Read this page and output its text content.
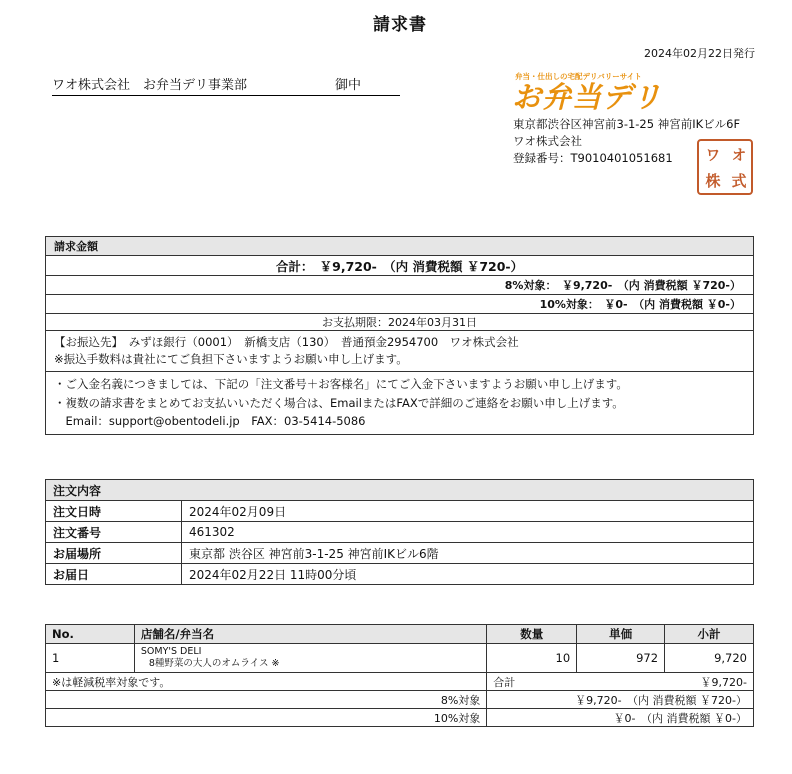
請求書
2024年02月22日発行
ワオ株式会社　お弁当デリ事業部	御中
弁当・仕出しの宅配デリバリーサイト
お弁当デリ
東京都渋谷区神宮前3-1-25 神宮前IKビル6F
ワオ株式会社
登録番号：T9010401051681	ワ オ
株 式
請求金額
合計：　￥9,720-　（内 消費税額 ￥720-）
8%対象：　￥9,720-　（内 消費税額 ￥720-）
10%対象：　￥0-　（内 消費税額 ￥0-）
お支払期限：2024年03月31日

【お振込先】　みずほ銀行（0001）　新橋支店（130）　普通預金2954700　ワオ株式会社
※振込手数料は貴社にてご負担下さいますようお願い申し上げます。

・ご入金名義につきましては、下記の「注文番号＋お客様名」にてご入金下さいますようお願い申し上げます。
・複数の請求書をまとめてお支払いいただく場合は、EmailまたはFAXで詳細のご連絡をお願い申し上げます。
　Email：support@obentodeli.jp　FAX：03-5414-5086
注文内容	
注文日時	2024年02月09日
注文番号	461302
お届場所	東京都 渋谷区 神宮前3-1-25 神宮前IKビル6階
お届日	2024年02月22日 11時00分頃
No.	店舗名/弁当名	数量	単価	小計
1	SOMY'S DELI
8種野菜の大人のオムライス ※	10	972	9,720
※は軽減税率対象です。		合計	￥9,720-	
8%対象		￥9,720-　（内 消費税額 ￥720-）		
10%対象		￥0-　（内 消費税額 ￥0-）		
